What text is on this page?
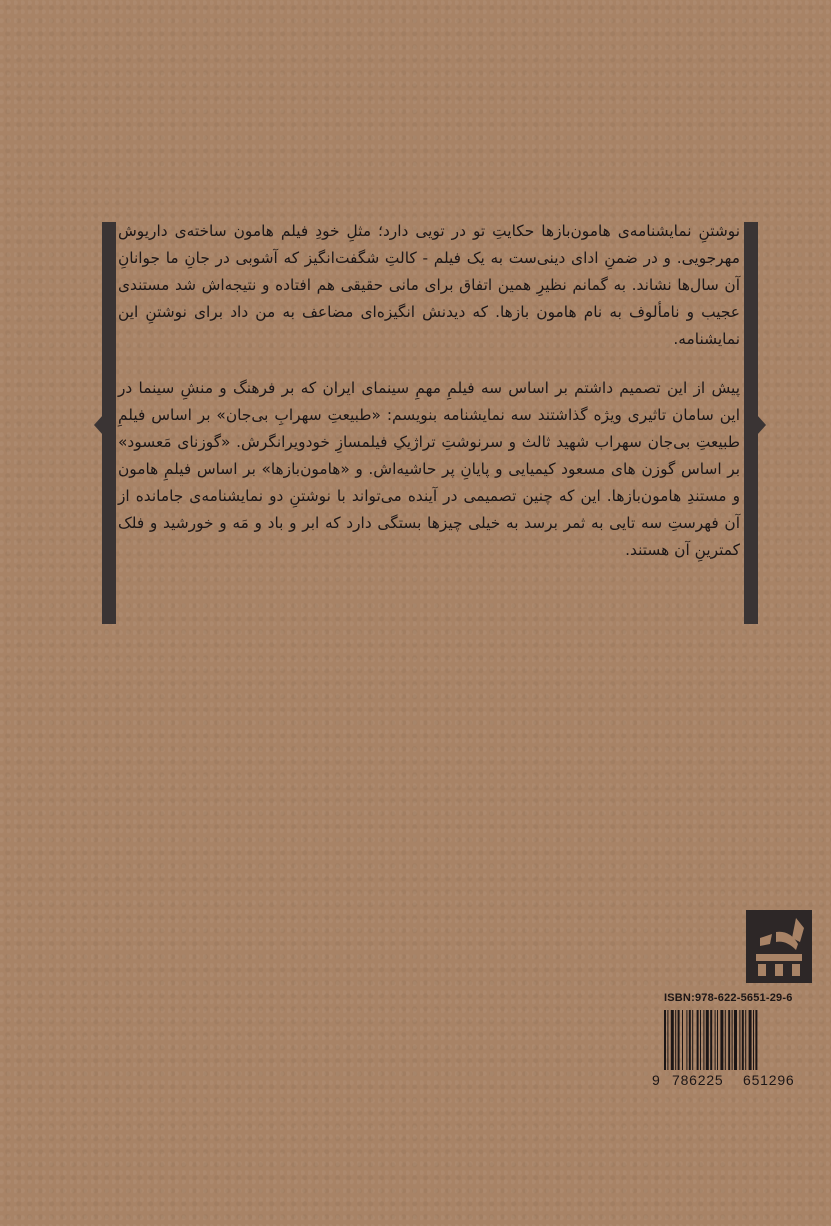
نوشتنِ نمایشنامه‌ی هامون‌بازها حکایتِ تو در تویی دارد؛ مثلِ خودِ فیلم هامون ساخته‌ی داریوش مهرجویی. و در ضمنِ ادای دینی‌ست به یک فیلم - کالتِ شگفت‌انگیز که آشوبی در جانِ ما جوانانِ آن سال‌ها نشاند. به گمانم نظیرِ همین اتفاق برای مانی حقیقی هم افتاده و نتیجه‌اش شد مستندی عجیب و نامألوف به نام هامون بازها. که دیدنش انگیزه‌ای مضاعف به من داد برای نوشتنِ این نمایشنامه.

پیش از این تصمیم داشتم بر اساس سه فیلمِ مهمِ سینمای ایران که بر فرهنگ و منشِ سینما در این سامان تاثیری ویژه گذاشتند سه نمایشنامه بنویسم: «طبیعتِ سهرابِ بی‌جان» بر اساس فیلمِ طبیعتِ بی‌جان سهراب شهید ثالث و سرنوشتِ تراژیکِ فیلمسازِ خودویرانگرش. «گوزنای مَعسود» بر اساس گوزن‌ های مسعود کیمیایی و پایانِ پر حاشیه‌اش. و «هامون‌بازها» بر اساس فیلمِ هامون و مستندِ هامون‌بازها. این که چنین تصمیمی در آینده می‌تواند با نوشتنِ دو نمایشنامه‌ی جامانده از آن فهرستِ سه تایی به ثمر برسد به خیلی چیزها بستگی دارد که ابر و باد و مَه و خورشید و فلک کمترینِ آن هستند.

ISBN:978-622-5651-29-6
9 786225 651296
